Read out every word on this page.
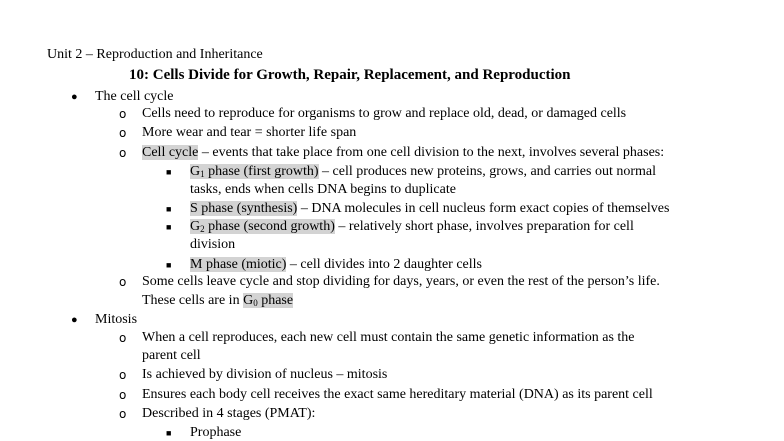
Unit 2 – Reproduction and Inheritance
10: Cells Divide for Growth, Repair, Replacement, and Reproduction
● The cell cycle
o Cells need to reproduce for organisms to grow and replace old, dead, or damaged cells
o More wear and tear = shorter life span
o Cell cycle – events that take place from one cell division to the next, involves several phases:
■ $G_1$ phase (first growth) – cell produces new proteins, grows, and carries out normal
tasks, ends when cells DNA begins to duplicate
■ S phase (synthesis) – DNA molecules in cell nucleus form exact copies of themselves
■ $G_2$ phase (second growth) – relatively short phase, involves preparation for cell
division
■ M phase (miotic) – cell divides into 2 daughter cells
o Some cells leave cycle and stop dividing for days, years, or even the rest of the person’s life.
These cells are in $G_0$ phase
● Mitosis
o When a cell reproduces, each new cell must contain the same genetic information as the
parent cell
o Is achieved by division of nucleus – mitosis
o Ensures each body cell receives the exact same hereditary material (DNA) as its parent cell
o Described in 4 stages (PMAT):
■ Prophase
